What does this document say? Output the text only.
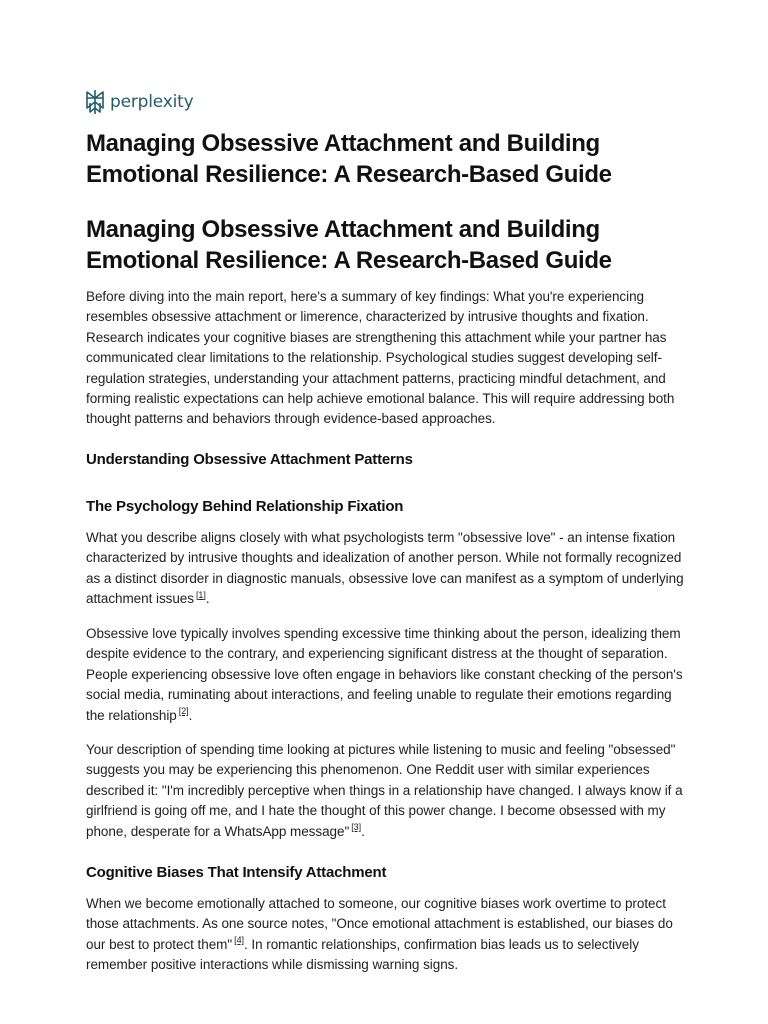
perplexity
Managing Obsessive Attachment and Building Emotional Resilience: A Research-Based Guide
Managing Obsessive Attachment and Building Emotional Resilience: A Research-Based Guide

Before diving into the main report, here's a summary of key findings: What you're experiencing resembles obsessive attachment or limerence, characterized by intrusive thoughts and fixation. Research indicates your cognitive biases are strengthening this attachment while your partner has communicated clear limitations to the relationship. Psychological studies suggest developing self-regulation strategies, understanding your attachment patterns, practicing mindful detachment, and forming realistic expectations can help achieve emotional balance. This will require addressing both thought patterns and behaviors through evidence-based approaches.

Understanding Obsessive Attachment Patterns
The Psychology Behind Relationship Fixation

What you describe aligns closely with what psychologists term "obsessive love" - an intense fixation characterized by intrusive thoughts and idealization of another person. While not formally recognized as a distinct disorder in diagnostic manuals, obsessive love can manifest as a symptom of underlying attachment issues [1].

Obsessive love typically involves spending excessive time thinking about the person, idealizing them despite evidence to the contrary, and experiencing significant distress at the thought of separation. People experiencing obsessive love often engage in behaviors like constant checking of the person's social media, ruminating about interactions, and feeling unable to regulate their emotions regarding the relationship [2].

Your description of spending time looking at pictures while listening to music and feeling "obsessed" suggests you may be experiencing this phenomenon. One Reddit user with similar experiences described it: "I'm incredibly perceptive when things in a relationship have changed. I always know if a girlfriend is going off me, and I hate the thought of this power change. I become obsessed with my phone, desperate for a WhatsApp message" [3].

Cognitive Biases That Intensify Attachment

When we become emotionally attached to someone, our cognitive biases work overtime to protect those attachments. As one source notes, "Once emotional attachment is established, our biases do our best to protect them" [4]. In romantic relationships, confirmation bias leads us to selectively remember positive interactions while dismissing warning signs.
